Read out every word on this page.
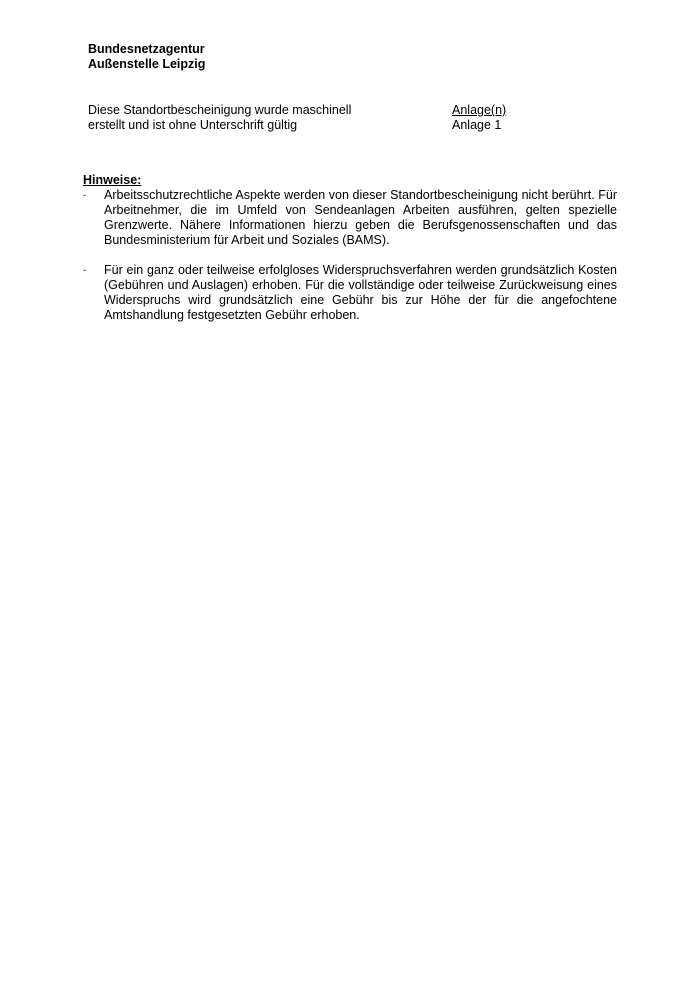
Bundesnetzagentur
Außenstelle Leipzig
Diese Standortbescheinigung wurde maschinell
erstellt und ist ohne Unterschrift gültig
Anlage(n)
Anlage 1
Hinweise:
- Arbeitsschutzrechtliche Aspekte werden von dieser Standortbescheinigung nicht berührt. Für Arbeitnehmer, die im Umfeld von Sendeanlagen Arbeiten ausführen, gelten spezielle Grenzwerte. Nähere Informationen hierzu geben die Berufsgenossenschaften und das Bundesministerium für Arbeit und Soziales (BAMS).
- Für ein ganz oder teilweise erfolgloses Widerspruchsverfahren werden grundsätzlich Kosten (Gebühren und Auslagen) erhoben. Für die vollständige oder teilweise Zurückweisung eines Widerspruchs wird grundsätzlich eine Gebühr bis zur Höhe der für die angefochtene Amtshandlung festgesetzten Gebühr erhoben.
